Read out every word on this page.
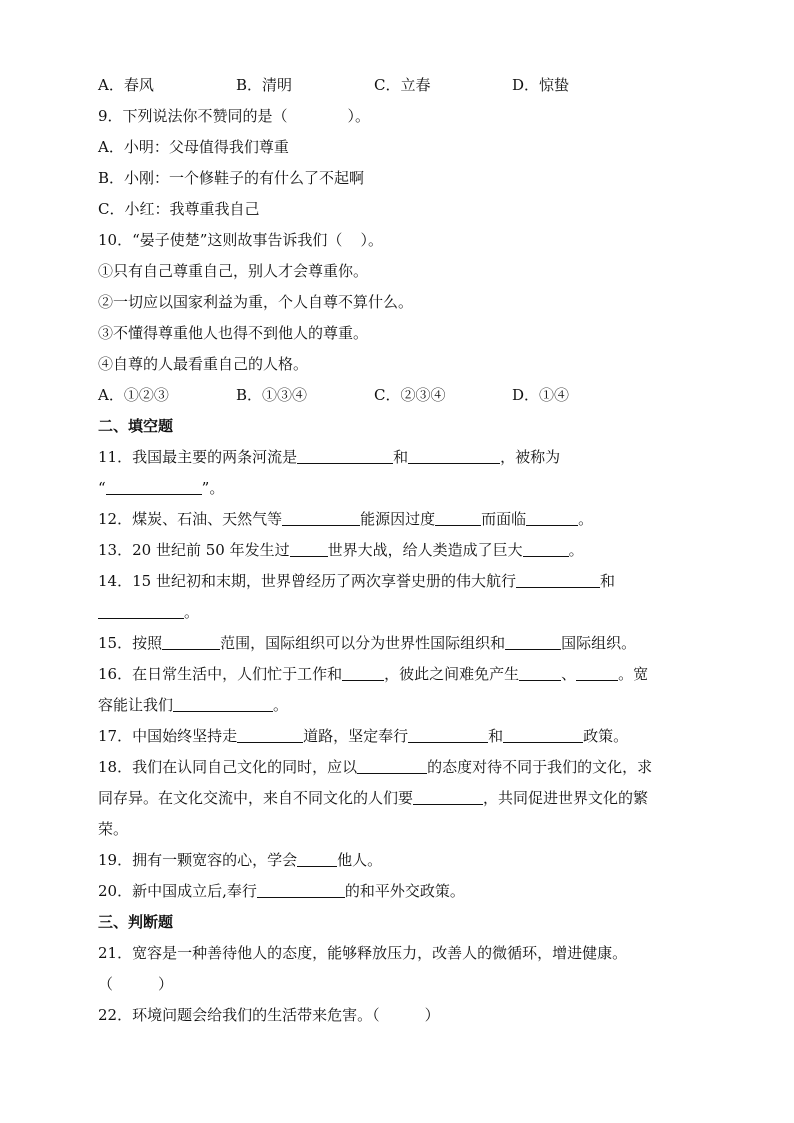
A．春风	B．清明	C．立春	D．惊蛰
9．下列说法你不赞同的是（	）。
A．小明：父母值得我们尊重
B．小刚：一个修鞋子的有什么了不起啊
C．小红：我尊重我自己
10．“晏子使楚”这则故事告诉我们（ ）。
①只有自己尊重自己，别人才会尊重你。
②一切应以国家利益为重，个人自尊不算什么。
③不懂得尊重他人也得不到他人的尊重。
④自尊的人最看重自己的人格。
A．①②③	B．①③④	C．②③④	D．①④
二、填空题
11．我国最主要的两条河流是	和	，被称为
“	”。
12．煤炭、石油、天然气等	能源因过度	而面临	。
13．20 世纪前 50 年发生过	世界大战，给人类造成了巨大	。
14．15 世纪初和末期，世界曾经历了两次享誉史册的伟大航行	和
。
15．按照	范围，国际组织可以分为世界性国际组织和	国际组织。
16．在日常生活中，人们忙于工作和	，彼此之间难免产生	、	。宽
容能让我们	。
17．中国始终坚持走	道路，坚定奉行	和	政策。
18．我们在认同自己文化的同时，应以	的态度对待不同于我们的文化，求
同存异。在文化交流中，来自不同文化的人们要	，共同促进世界文化的繁
荣。
19．拥有一颗宽容的心，学会	他人。
20．新中国成立后,奉行	的和平外交政策。
三、判断题
21．宽容是一种善待他人的态度，能够释放压力，改善人的微循环，增进健康。
（　　　）
22．环境问题会给我们的生活带来危害。（　　　）
